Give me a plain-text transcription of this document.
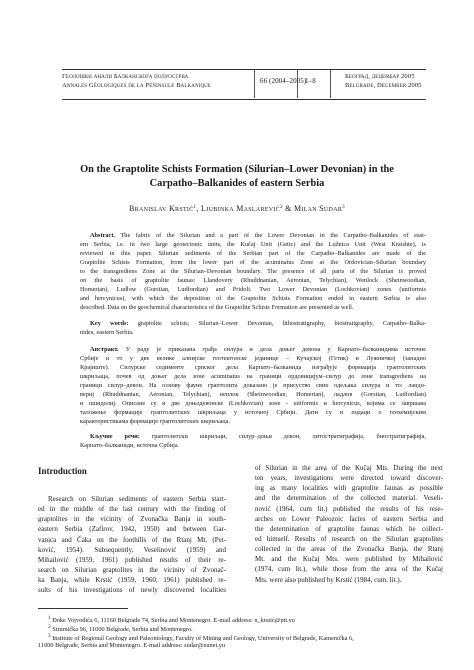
Геолошки анали Балканскога полуострва
Annales Géologiques de la Péninsule Balkanique
66 (2004–2005)
1–8
Београд, децембар 2005
Belgrade, December 2005
On the Graptolite Schists Formation (Silurian–Lower Devonian) in the
Carpatho–Balkanides of eastern Serbia
Branislav Krstić$^1$, Ljubinka Maslarević$^2$ & Milan Sudar$^3$
Abstract. The fabric of the Silurian and a part of the Lower Devonian in the Carpatho–Balkanides of east-
ern Serbia, i.e. in two large geotectonic units, the Kučaj Unit (Getic) and the Lužnica Unit (West Kraishte), is
reviewed in this paper. Silurian sediments of the Serbian part of the Carpatho–Balkanides are made of the
Graptolite Schists Formation, from the lower part of the acuminatus Zone at the Ordovician–Silurian boundary
to the transgrediens Zone at the Silurian–Devonian boundary. The presence of all parts of the Silurian is proved
on the basis of graptolite faunas: Llandovery (Rhuddnanian, Aeronian, Telychian), Wenlock (Sheinwoodian,
Homerian), Ludlow (Gorstian, Ludfordian) and Pridoli. Two Lower Devonian (Lochkovian) zones (uniformis
and hercynicus), with which the deposition of the Graptolite Schists Formation ended in eastern Serbia is also
described. Data on the geochemical characteristics of the Graptolite Schists Formation are presented as well.
Key words: graptolite schists, Silurian–Lower Devonian, lithostratigraphy, biostratigraphy, Carpatho–Balka-
nides, eastern Serbia.
Апстракт. У раду је приказана грађа силура и дела доњег девона у Карпато–балканидима источне
Србије и то у две велике алпијске геотектонске јединице – Кучајској (Гетик) и Лужничкој (западно
Крајиште). Силурске седименте српског дела Карпато–балканида изграђује формација граптолитских
шкриљаца, почев од доњег дела зоне acuminatus на граници ордовицијум–силур до зоне transgrediens на
граници силур–девон. На основу фауне граптолита доказано је присуство свих одељака силура и то: ландо-
вериј (Rhuddnanian, Aeronian, Telychian), венлок (Sheinwoodian, Homerian), ладлов (Gorstian, Ludfordian)
и пшидолиј. Описане су и две доњодевонске (Lochkovian) зоне - uniformis и hercynicus, којима се завршава
таложење формације граптолитских шкриљаца у источној Србији. Дати су и подаци о геохемијским
карактеристикама формације граптолитских шкриљаца.
Кључне речи: граптолитски шкриљци, силур–доњи девон, литостратиграфија, биостратиграфија,
Карпато–балканиди, источна Србија.
Introduction
Research on Silurian sediments of eastern Serbia start-
ed in the middle of the last century with the finding of
graptolites in the vicinity of Zvonačka Banja in south-
eastern Serbia (Zafirov, 1942, 1950) and between Gar-
vanica and Čaka on the foothills of the Rtanj Mt. (Pet-
ković, 1954). Subsequently, Veselinović (1959) and
Mihailović (1959, 1961) published results of their re-
search on Silurian graptolites in the vicinity of Zvonač-
ka Banja, while Krstić (1959, 1960, 1961) published re-
sults of his investigations of newly discovered localities
of Silurian in the area of the Kučaj Mts. During the next
ten years, investigations were directed toward discover-
ing as many localities with graptolite faunas as possible
and the determination of the collected material. Veseli-
nović (1964, cum lit.) published the results of his rese-
arches on Lower Paleozoic facies of eastern Serbia and
the determination of graptolite faunas which he collect-
ed himself. Results of research on the Silurian graptolites
collected in the areas of the Zvonačka Banja, the Rtanj
Mt. and the Kučaj Mts. were published by Mihailović
(1974, cum lit.), while those from the area of the Kučaj
Mts. were also published by Krstić (1984, cum. lit.).
$^1$ Đoke Vojvodića 6, 11160 Belgrade 74, Serbia and Montenegro. E-mail address: n_krstic@ptt.yu
$^2$ Strumička 96, 11000 Belgrade, Serbia and Montenegro.
$^3$ Institute of Regional Geology and Paleontology, Faculty of Mining and Geology, University of Belgrade, Kamenička 6,
11000 Belgrade, Serbia and Montenegro. E-mail address: sudar@eunet.yu
